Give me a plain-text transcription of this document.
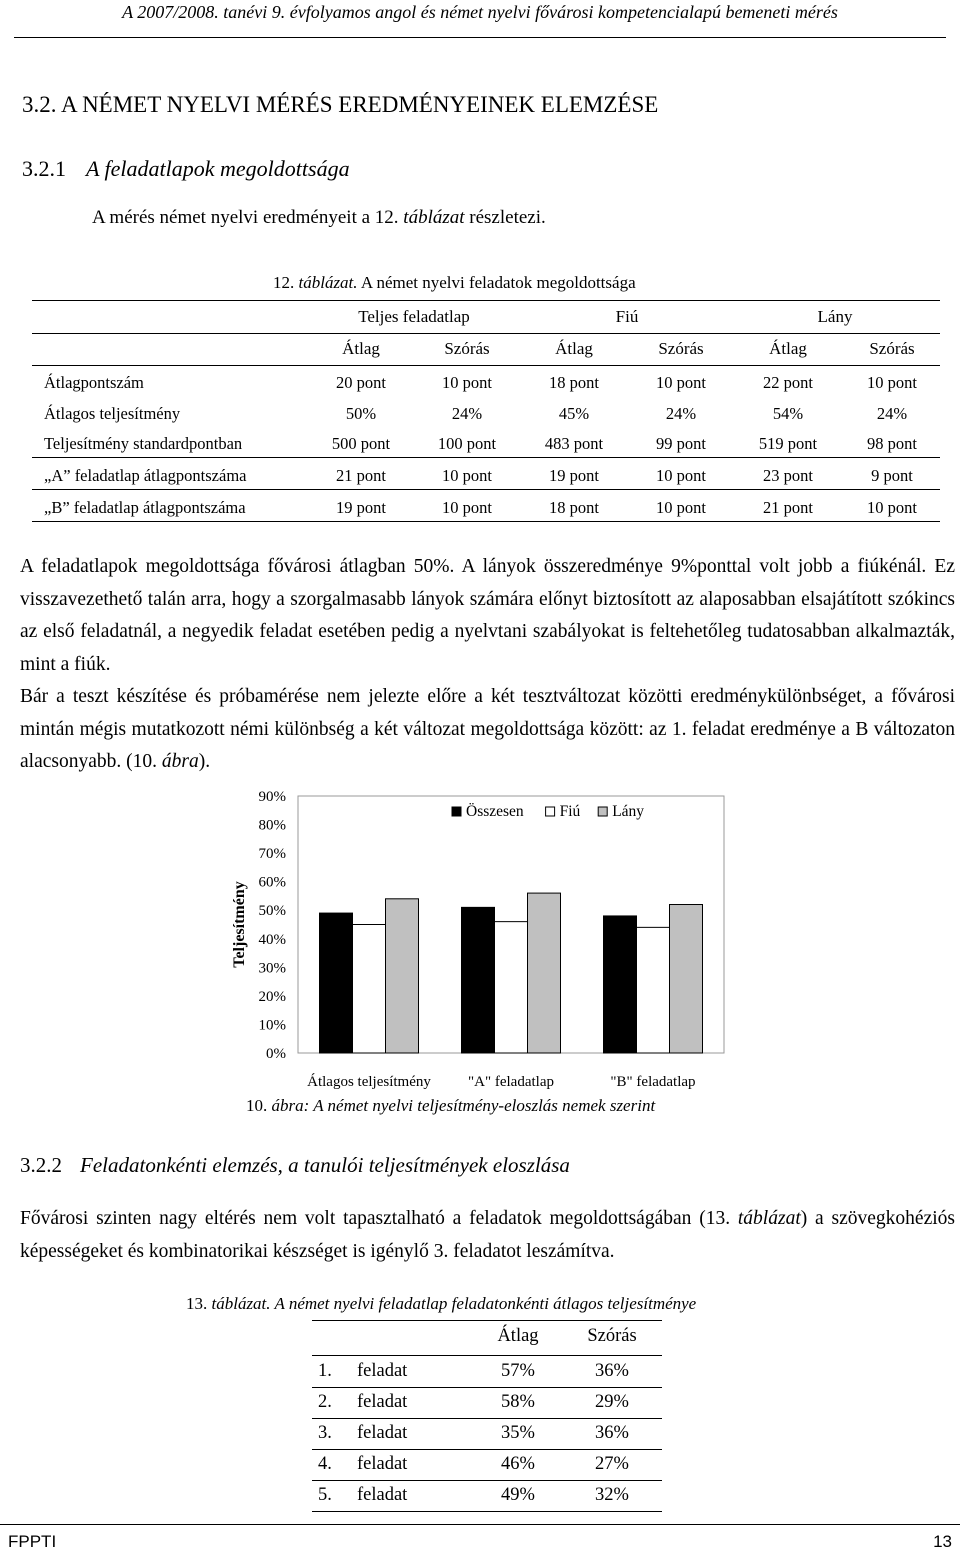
A 2007/2008. tanévi 9. évfolyamos angol és német nyelvi fővárosi kompetencialapú bemeneti mérés
3.2. A NÉMET NYELVI MÉRÉS EREDMÉNYEINEK ELEMZÉSE
3.2.1 A feladatlapok megoldottsága
A mérés német nyelvi eredményeit a 12. táblázat részletezi.
12. táblázat. A német nyelvi feladatok megoldottsága
Teljes feladatlap	Fiú	Lány
Átlag	Szórás	Átlag	Szórás	Átlag	Szórás
Átlagpontszám	20 pont	10 pont	18 pont	10 pont	22 pont	10 pont
Átlagos teljesítmény	50%	24%	45%	24%	54%	24%
Teljesítmény standardpontban	500 pont	100 pont	483 pont	99 pont	519 pont	98 pont
„A” feladatlap átlagpontszáma	21 pont	10 pont	19 pont	10 pont	23 pont	9 pont
„B” feladatlap átlagpontszáma	19 pont	10 pont	18 pont	10 pont	21 pont	10 pont

A feladatlapok megoldottsága fővárosi átlagban 50%. A lányok összeredménye 9%ponttal volt jobb a fiúkénál. Ez visszavezethető talán arra, hogy a szorgalmasabb lányok számára előnyt biztosított az alaposabban elsajátított szókincs az első feladatnál, a negyedik feladat esetében pedig a nyelvtani szabályokat is feltehetőleg tudatosabban alkalmazták, mint a fiúk.

Bár a teszt készítése és próbamérése nem jelezte előre a két tesztváltozat közötti eredménykülönbséget, a fővárosi mintán mégis mutatkozott némi különbség a két változat megoldottsága között: az 1. feladat eredménye a B változaton alacsonyabb. (10. ábra).

0%
10%
20%
30%
40%
50%
60%
70%
80%
90%
Teljesítmény
Átlagos teljesítmény "A" feladatlap	"B" feladatlap
Összesen Fiú Lány
10. ábra: A német nyelvi teljesítmény-eloszlás nemek szerint
3.2.2 Feladatonkénti elemzés, a tanulói teljesítmények eloszlása

Fővárosi szinten nagy eltérés nem volt tapasztalható a feladatok megoldottságában (13. táblázat) a szövegkohéziós képességeket és kombinatorikai készséget is igénylő 3. feladatot leszámítva.

13. táblázat. A német nyelvi feladatlap feladatonkénti átlagos teljesítménye
Átlag	Szórás
1. feladat	57%	36%
2. feladat	58%	29%
3. feladat	35%	36%
4. feladat	46%	27%
5. feladat	49%	32%
FPPTI	13
